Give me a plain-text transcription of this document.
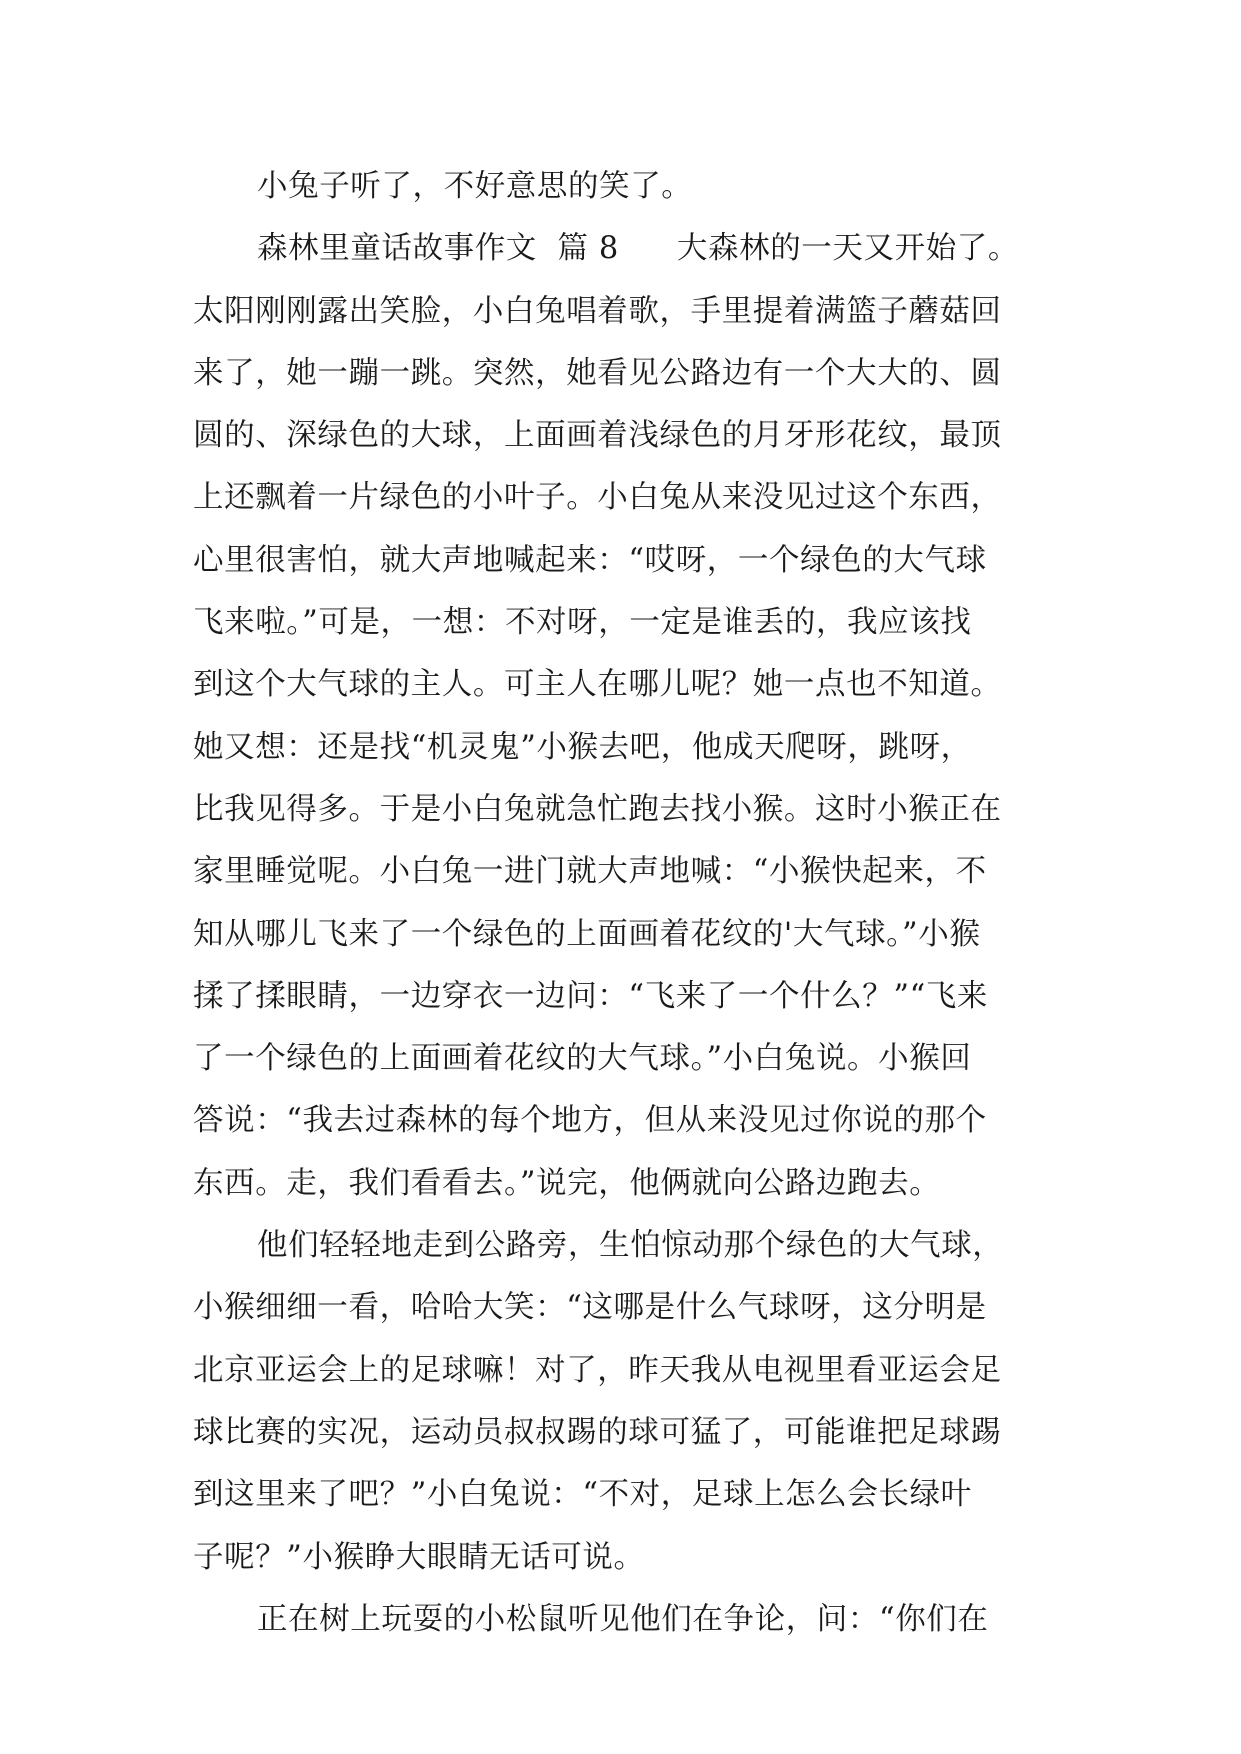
小兔子听了，不好意思的笑了。
森林里童话故事作文  篇 8 大森林的一天又开始了。
太阳刚刚露出笑脸，小白兔唱着歌，手里提着满篮子蘑菇回
来了，她一蹦一跳。突然，她看见公路边有一个大大的、圆
圆的、深绿色的大球，上面画着浅绿色的月牙形花纹，最顶
上还飘着一片绿色的小叶子。小白兔从来没见过这个东西，
心里很害怕，就大声地喊起来：“哎呀，一个绿色的大气球
飞来啦。”可是，一想：不对呀，一定是谁丢的，我应该找
到这个大气球的主人。可主人在哪儿呢？她一点也不知道。
她又想：还是找“机灵鬼”小猴去吧，他成天爬呀，跳呀，
比我见得多。于是小白兔就急忙跑去找小猴。这时小猴正在
家里睡觉呢。小白兔一进门就大声地喊：“小猴快起来，不
知从哪儿飞来了一个绿色的上面画着花纹的'大气球。”小猴
揉了揉眼睛，一边穿衣一边问：“飞来了一个什么？”“飞来
了一个绿色的上面画着花纹的大气球。”小白兔说。小猴回
答说：“我去过森林的每个地方，但从来没见过你说的那个
东西。走，我们看看去。”说完，他俩就向公路边跑去。
他们轻轻地走到公路旁，生怕惊动那个绿色的大气球，
小猴细细一看，哈哈大笑：“这哪是什么气球呀，这分明是
北京亚运会上的足球嘛！对了，昨天我从电视里看亚运会足
球比赛的实况，运动员叔叔踢的球可猛了，可能谁把足球踢
到这里来了吧？”小白兔说：“不对，足球上怎么会长绿叶
子呢？”小猴睁大眼睛无话可说。
正在树上玩耍的小松鼠听见他们在争论，问：“你们在
